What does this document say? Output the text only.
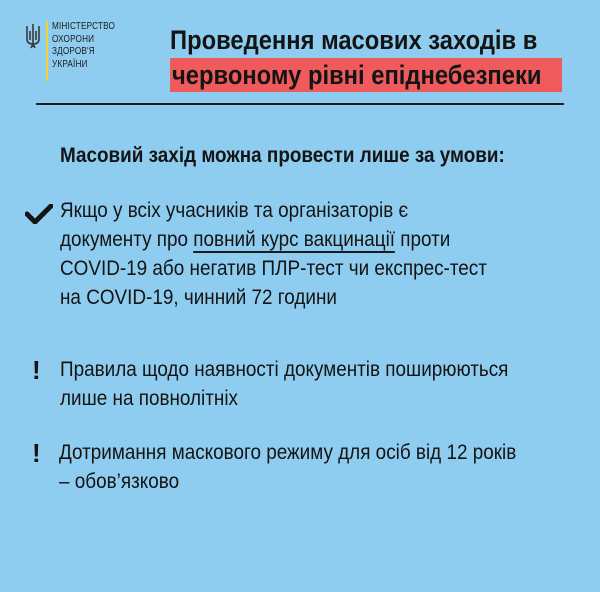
МІНІСТЕРСТВО
ОХОРОНИ
ЗДОРОВ'Я
УКРАЇНИ
Проведення масових заходів в
червоному рівні епіднебезпеки
Масовий захід можна провести лише за умови:
Якщо у всіх учасників та організаторів є
документу про повний курс вакцинації проти
COVID-19 або негатив ПЛР-тест чи експрес-тест
на COVID-19, чинний 72 години
! Правила щодо наявності документів поширюються
лише на повнолітніх
! Дотримання маскового режиму для осіб від 12 років
– обов’язково
